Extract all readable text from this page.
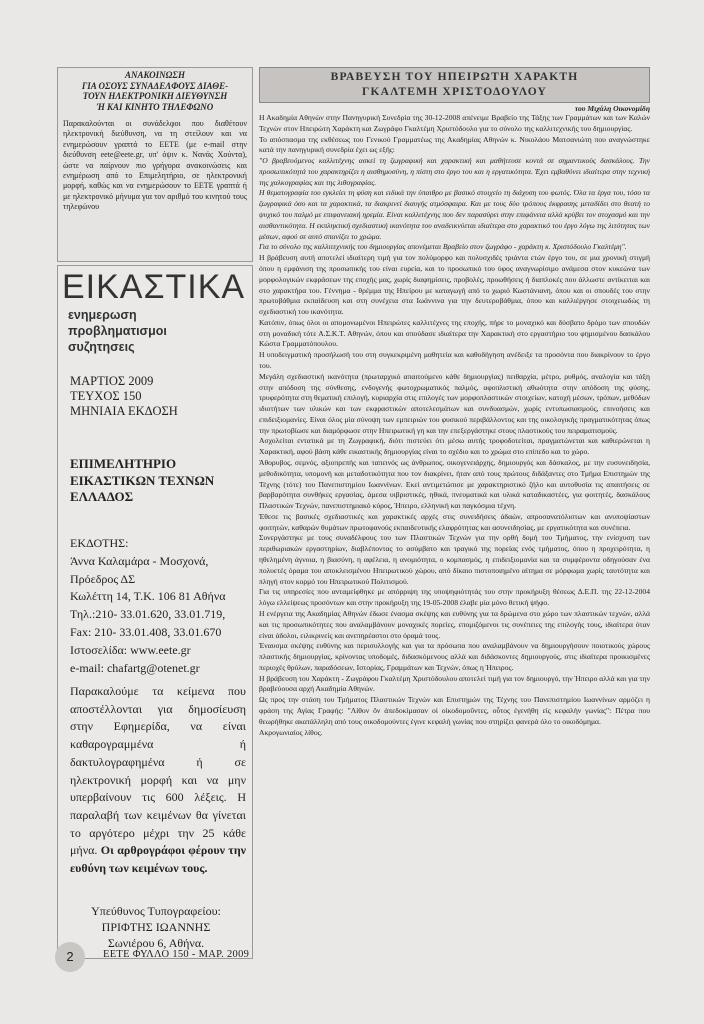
ΑΝΑΚΟΙΝΩΣΗ
ΓΙΑ ΟΣΟΥΣ ΣΥΝΑΔΕΛΦΟΥΣ ΔΙΑΘΕ-
ΤΟΥΝ ΗΛΕΚΤΡΟΝΙΚΗ ΔΙΕΥΘΥΝΣΗ
Ή ΚΑΙ ΚΙΝΗΤΟ ΤΗΛΕΦΩΝΟ
Παρακαλούνται οι συνάδελφοι που διαθέτουν ηλεκτρονική διεύθυνση, να τη στείλουν και να ενημερώσουν γραπτά το ΕΕΤΕ (με e-mail στην διεύθυνση eete@eete.gr, υπ' όψιν κ. Νανάς Χούντα), ώστε να παίρνουν πιο γρήγορα ανακοινώσεις και ενημέρωση από το Επιμελητήριο, σε ηλεκτρονική μορφή, καθώς και να ενημερώσουν το ΕΕΤΕ γραπτά ή με ηλεκτρονικό μήνυμα για τον αριθμό του κινητού τους τηλεφώνου
ΕΙΚΑΣΤΙΚΑ
ενημερωση
προβληματισμοι
συζητησεις
ΜΑΡΤΙΟΣ 2009
ΤΕΥΧΟΣ 150
ΜΗΝΙΑΙΑ ΕΚΔΟΣΗ
ΕΠΙΜΕΛΗΤΗΡΙΟ
ΕΙΚΑΣΤΙΚΩΝ ΤΕΧΝΩΝ
ΕΛΛΑΔΟΣ
ΕΚΔΟΤΗΣ:
Άννα Καλαμάρα - Μοσχονά,
Πρόεδρος ΔΣ
Κωλέττη 14, Τ.Κ. 106 81 Αθήνα
Τηλ.:210- 33.01.620, 33.01.719,
Fax: 210- 33.01.408, 33.01.670
Ιστοσελίδα: www.eete.gr
e-mail: chafartg@otenet.gr
Παρακαλούμε τα κείμενα που αποστέλλονται για δημοσίευση στην Εφημερίδα, να είναι καθαρογραμμένα ή δακτυλογραφημένα ή σε ηλεκτρονική μορφή και να μην υπερβαίνουν τις 600 λέξεις. Η παραλαβή των κειμένων θα γίνεται το αργότερο μέχρι την 25 κάθε μήνα. Οι αρθρογράφοι φέρουν την ευθύνη των κειμένων τους.
Υπεύθυνος Τυπογραφείου:
ΠΡΙΦΤΗΣ ΙΩΑΝΝΗΣ
Σωνιέρου 6, Αθήνα.
ΒΡΑΒΕΥΣΗ ΤΟΥ ΗΠΕΙΡΩΤΗ ΧΑΡΑΚΤΗ
ΓΚΑΛΤΕΜΗ ΧΡΙΣΤΟΔΟΥΛΟΥ
του Μιχάλη Οικονομίδη

Η Ακαδημία Αθηνών στην Πανηγυρική Συνεδρία της 30-12-2008 απένειμε Βραβείο της Τάξης των Γραμμάτων και των Καλών Τεχνών στον Ηπειρώτη Χαράκτη και Ζωγράφο Γκαλτέμη Χριστόδουλο για το σύνολο της καλλιτεχνικής του δημιουργίας.

Το απόσπασμα της εκθέσεως του Γενικού Γραμματέως της Ακαδημίας Αθηνών κ. Νικολάου Ματσανιώτη που αναγνώστηκε κατά την πανηγυρική συνεδρία έχει ως εξής:

"Ο βραβευόμενος καλλιτέχνης ασκεί τη ζωγραφική και χαρακτική και μαθήτευσε κοντά σε σημαντικούς δασκάλους. Την προσωπικότητά του χαρακτηρίζει η αισθημοσύνη, η πίστη στο έργο του και η εργατικότητα. Έχει εμβαθύνει ιδιαίτερα στην τεχνική της χαλκογραφίας και της λιθογραφίας.

Η θεματογραφία του εγκλείει τη φύση και ειδικά την ύπαιθρο με βασικό στοιχείο τη διάχυση του φωτός. Όλα τα έργα του, τόσο τα ζωγραφικά όσο και τα χαρακτικά, τα διακρινεί διαυγής ατμόσφαιρα. Και με τους δύο τρόπους έκφρασης μεταδίδει στο θεατή το ψυχικό του παλμό με επιφανειακή ηρεμία. Είναι καλλιτέχνης που δεν παρασύρει στην επιφάνεια αλλά κρύβει τον στοχασμό και την αισθαντικότητα. Η εκπληκτική σχεδιαστική ικανότητα του αναδεικνύεται ιδιαίτερα στο χαρακτικό του έργο λόγω της λιτότητας των μέσων, αφού σε αυτό σπανίζει το χρώμα.

Για το σύνολο της καλλιτεχνικής του δημιουργίας απονέμεται Βραβείο στον ζωγράφο - χαράκτη κ. Χριστόδουλο Γκαλτέμη".

Η βράβευση αυτή αποτελεί ιδιαίτερη τιμή για τον πολύμορφο και πολυσχιδές τριάντα ετών έργο του, σε μια χρονική στιγμή όπου η εμφάνιση της προσωπικής του είναι ευρεία, και το προσωπικό του ύφος αναγνωρίσιμο ανάμεσα στον κυκεώνα των μορφολογικών εκφράσεων της εποχής μας, χωρίς διαφημίσεις, προβολές, προωθήσεις ή διαπλοκές που άλλωστε αντίκειται και στο χαρακτήρα του. Γέννημα - θρέμμα της Ηπείρου με καταγωγή από το χωριό Κωστάνιανη, όπου και οι σπουδές του στην πρωτοβάθμια εκπαίδευση και στη συνέχεια στα Ιωάννινα για την δευτεροβάθμια, όπου και καλλιέργησε στοιχειωδώς τη σχεδιαστική του ικανότητα.

Κατόπιν, όπως όλοι οι απομονωμένοι Ηπειρώτες καλλιτέχνες της εποχής, πήρε το μοναχικό και δύσβατο δρόμο των σπουδών στη μοναδική τότε Α.Σ.Κ.Τ. Αθηνών, όπου και σπούδασε ιδιαίτερα την Χαρακτική στο εργαστήριο του φημισμένου δασκάλου Κώστα Γραμματόπουλου.

Η υποδειγματική προσήλωσή του στη συγκεκριμένη μαθητεία και καθοδήγηση ανέδειξε τα προσόντα που διακρίνουν το έργο του.

Μεγάλη σχεδιαστική ικανότητα (πρωταρχικό απαιτούμενο κάθε δημιουργίας) πειθαρχία, μέτρο, ρυθμός, αναλογία και τάξη στην απόδοση της σύνθεσης, ενδογενής φωτοχρωματικός παλμός, αφοπλιστική αθωότητα στην απόδοση της φύσης, τρυφερότητα στη θεματική επιλογή, κυριαρχία στις επιλογές των μορφοπλαστικών στοιχείων, κατοχή μέσων, τρόπων, μεθόδων ιδιοτήτων των υλικών και των εκφραστικών αποτελεσμάτων και συνδυασμών, χωρίς εντυπωσιασμούς, επινοήσεις και επιδειξιομανίες. Είναι όλος μία σύνοψη των εμπειριών του φυσικού περιβάλλοντος και της οικολογικής πραγματικότητας όπως την πρωτοβίωσε και διαμόρφωσε στην Ηπειρωτική γη και την επεξεργάστηκε στους πλαστικούς του πειραματισμούς.

Ασχολείται εντατικά με τη Ζωγραφική, διότι πιστεύει ότι μέσω αυτής τροφοδοτείται, πραγματώνεται και καθιερώνεται η Χαρακτική, αφού βάση κάθε εικαστικής δημιουργίας είναι το σχέδιο και το χρώμα στο επίπεδο και το χώρο.

Άθορυβος, σεμνός, αξιοπρεπής και ταπεινός ως άνθρωπος, οικογενειάρχης, δημιουργός και δάσκαλος, με την ευσυνειδησία, μεθοδικότητα, υπομονή και μεταδοτικότητα που τον διακρίνει, ήταν από τους πρώτους διδάξαντες στο Τμήμα Επιστημών της Τέχνης (τότε) του Πανεπιστημίου Ιωαννίνων. Εκεί αντιμετώπισε με χαρακτηριστικό ζήλο και αυτοθυσία τις απαιτήσεις σε βαρβαρότητα συνθήκες εργασίας, άμεσα υιβριστικές, ηθικά, πνευματικά και υλικά καταδικαστέες, για φοιτητές, δασκάλους Πλαστικών Τεχνών, πανεπιστημιακό κύρος, Ήπειρο, ελληνική και παγκόσμια τέχνη.

Έθεσε τις βασικές σχεδιαστικές και χαρακτικές αρχές στις συνειδήσεις άδαών, απροσανατόλιστων και ανυποψίαστων φοιτητών, καθαρών θυμάτων πρωτοφανούς εκπαιδευτικής ελαφρότητας και ασυνειδησίας, με εργατικότητα και συνέπεια.

Συνεργάστηκε με τους συναδέλφους του των Πλαστικών Τεχνών για την ορθή δομή του Τμήματος, την ενίσχυση των περιθωριακών εργαστηρίων, διαβλέποντας το ασύμβατο και τραγικό της πορείας ενός τμήματος, όπου η προχειρότητα, η ηθελημένη άγνοια, η βιασύνη, η αφέλεια, η ανομιότητα, ο κομπασμός, η επιδειξιομανία και τα συμφέροντα οδηγούσαν ένα πολυετές όραμα του αποκλεισμένου Ηπειρωτικού χώρου, από δίκαιο πιστοποιημένο αίτημα σε μόρφωμα χωρίς ταυτότητα και πληγή στον κορμό του Ηπειρωτικού Πολιτισμού.

Για τις υπηρεσίες που ανταμείφθηκε με απόρριψη της υποψηφιότητάς του στην προκήρυξη θέσεως Δ.Ε.Π. της 22-12-2004 λόγω ελλείψεως προσόντων και στην προκήρυξη της 19-05-2008 έλαβε μία μόνο θετική ψήφο.

Η ενέργεια της Ακαδημίας Αθηνών έδωσε ένασμα σκέψης και ευθύνης για τα δρώμενα στο χώρο των πλαστικών τεχνών, αλλά και τις προσωπικότητες που αναλαμβάνουν μοναχικές πορείες, επομιζόμενοι τις συνέπειες της επιλογής τους, ιδιαίτερα όταν είναι άδολοι, ειλικρινείς και ανεπηρέαστοι στο όραμά τους.

Έναυσμα σκέψης ευθύνης και περισυλλογής και για τα πρόσωπα που αναλαμβάνουν να δημιουργήσουν ποιοτικούς χώρους πλαστικής δημιουργίας, κρίνοντας υποδομές, διδασκόμενους αλλά και διδάσκοντες δημιουργούς, στις ιδιαίτερα προικισμένες περιοχές θρύλων, παραδόσεων, Ιστορίας, Γραμμάτων και Τεχνών, όπως η Ήπειρος.

Η βράβευση του Χαράκτη - Ζωγράφου Γκαλτέμη Χριστόδουλου αποτελεί τιμή για τον δημιουργό, την Ήπειρο αλλά και για την βραβεύουσα αρχή Ακαδημία Αθηνών.

Ως προς την στάση του Τμήματος Πλαστικών Τεχνών και Επιστημών της Τέχνης του Πανεπιστημίου Ιωαννίνων αρμόζει η φράση της Αγίας Γραφής: "Λίθον ὃν ἀπεδοκίμασαν οἱ οἰκοδομοῦντες, οὗτος ἐγενήθη εἰς κεφαλὴν γωνίας": Πέτρα που θεωρήθηκε ακατάλληλη από τους οικοδομούντες έγινε κεφαλή γωνίας που στηρίζει φανερά όλο το οικοδόμημα.

Ακρογωνιαίος λίθος.

2	ΕΕΤΕ ΦΥΛΛΟ 150 - ΜΑΡ. 2009
